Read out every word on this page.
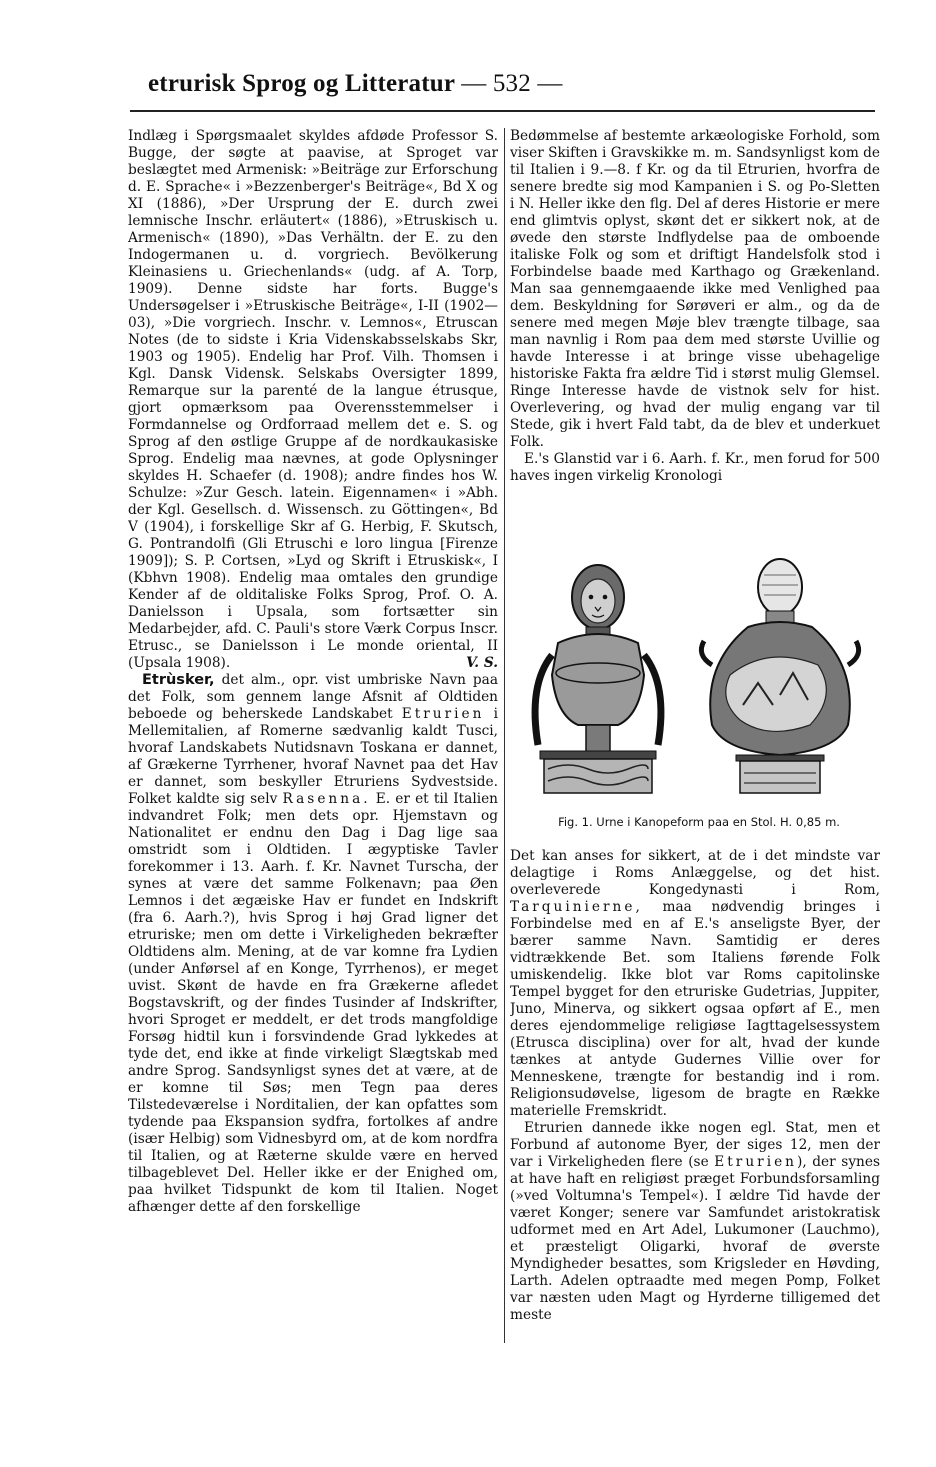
etrurisk Sprog og Litteratur — 532 —

Indlæg i Spørgsmaalet skyldes afdøde Professor S. Bugge, der søgte at paavise, at Sproget var beslægtet med Armenisk: »Beiträge zur Erforschung d. E. Sprache« i »Bezzenberger's Beiträge«, Bd X og XI (1886), »Der Ursprung der E. durch zwei lemnische Inschr. erläutert« (1886), »Etruskisch u. Armenisch« (1890), »Das Verhältn. der E. zu den Indogermanen u. d. vorgriech. Bevölkerung Kleinasiens u. Griechenlands« (udg. af A. Torp, 1909). Denne sidste har forts. Bugge's Undersøgelser i »Etruskische Beiträge«, I-II (1902—03), »Die vorgriech. Inschr. v. Lemnos«, Etruscan Notes (de to sidste i Kria Videnskabsselskabs Skr, 1903 og 1905). Endelig har Prof. Vilh. Thomsen i Kgl. Dansk Vidensk. Selskabs Oversigter 1899, Remarque sur la parenté de la langue étrusque, gjort opmærksom paa Overensstemmelser i Formdannelse og Ordforraad mellem det e. S. og Sprog af den østlige Gruppe af de nordkaukasiske Sprog. Endelig maa nævnes, at gode Oplysninger skyldes H. Schaefer (d. 1908); andre findes hos W. Schulze: »Zur Gesch. latein. Eigennamen« i »Abh. der Kgl. Gesellsch. d. Wissensch. zu Göttingen«, Bd V (1904), i forskellige Skr af G. Herbig, F. Skutsch, G. Pontrandolfi (Gli Etruschi e loro lingua [Firenze 1909]); S. P. Cortsen, »Lyd og Skrift i Etruskisk«, I (Kbhvn 1908). Endelig maa omtales den grundige Kender af de olditaliske Folks Sprog, Prof. O. A. Danielsson i Upsala, som fortsætter sin Medarbejder, afd. C. Pauli's store Værk Corpus Inscr. Etrusc., se Danielsson i Le monde oriental, II (Upsala 1908).	V. S.

Etrùsker, det alm., opr. vist umbriske Navn paa det Folk, som gennem lange Afsnit af Oldtiden beboede og beherskede Landskabet Etrurien i Mellemitalien, af Romerne sædvanlig kaldt Tusci, hvoraf Landskabets Nutidsnavn Toskana er dannet, af Grækerne Tyrrhener, hvoraf Navnet paa det Hav er dannet, som beskyller Etruriens Sydvestside. Folket kaldte sig selv Rasenna. E. er et til Italien indvandret Folk; men dets opr. Hjemstavn og Nationalitet er endnu den Dag i Dag lige saa omstridt som i Oldtiden. I ægyptiske Tavler forekommer i 13. Aarh. f. Kr. Navnet Turscha, der synes at være det samme Folkenavn; paa Øen Lemnos i det ægæiske Hav er fundet en Indskrift (fra 6. Aarh.?), hvis Sprog i høj Grad ligner det etruriske; men om dette i Virkeligheden bekræfter Oldtidens alm. Mening, at de var komne fra Lydien (under Anførsel af en Konge, Tyrrhenos), er meget uvist. Skønt de havde en fra Grækerne afledet Bogstavskrift, og der findes Tusinder af Indskrifter, hvori Sproget er meddelt, er det trods mangfoldige Forsøg hidtil kun i forsvindende Grad lykkedes at tyde det, end ikke at finde virkeligt Slægtskab med andre Sprog. Sandsynligst synes det at være, at de er komne til Søs; men Tegn paa deres Tilstedeværelse i Norditalien, der kan opfattes som tydende paa Ekspansion sydfra, fortolkes af andre (især Helbig) som Vidnesbyrd om, at de kom nordfra til Italien, og at Ræterne skulde være en herved tilbageblevet Del. Heller ikke er der Enighed om, paa hvilket Tidspunkt de kom til Italien. Noget afhænger dette af den forskellige

Bedømmelse af bestemte arkæologiske Forhold, som viser Skiften i Gravskikke m. m. Sandsynligst kom de til Italien i 9.—8. f Kr. og da til Etrurien, hvorfra de senere bredte sig mod Kampanien i S. og Po-Sletten i N. Heller ikke den flg. Del af deres Historie er mere end glimtvis oplyst, skønt det er sikkert nok, at de øvede den største Indflydelse paa de omboende italiske Folk og som et driftigt Handelsfolk stod i Forbindelse baade med Karthago og Grækenland. Man saa gennemgaaende ikke med Venlighed paa dem. Beskyldning for Sørøveri er alm., og da de senere med megen Møje blev trængte tilbage, saa man navnlig i Rom paa dem med største Uvillie og havde Interesse i at bringe visse ubehagelige historiske Fakta fra ældre Tid i størst mulig Glemsel. Ringe Interesse havde de vistnok selv for hist. Overlevering, og hvad der mulig engang var til Stede, gik i hvert Fald tabt, da de blev et underkuet Folk.

E.'s Glanstid var i 6. Aarh. f. Kr., men forud for 500 haves ingen virkelig Kronologi

Fig. 1. Urne i Kanopeform paa en Stol. H. 0,85 m.

Det kan anses for sikkert, at de i det mindste var delagtige i Roms Anlæggelse, og det hist. overleverede Kongedynasti i Rom, Tarquinierne, maa nødvendig bringes i Forbindelse med en af E.'s anseligste Byer, der bærer samme Navn. Samtidig er deres vidtrækkende Bet. som Italiens førende Folk umiskendelig. Ikke blot var Roms capitolinske Tempel bygget for den etruriske Gudetrias, Juppiter, Juno, Minerva, og sikkert ogsaa opført af E., men deres ejendommelige religiøse Iagttagelsessystem (Etrusca disciplina) over for alt, hvad der kunde tænkes at antyde Gudernes Villie over for Menneskene, trængte for bestandig ind i rom. Religionsudøvelse, ligesom de bragte en Række materielle Fremskridt.

Etrurien dannede ikke nogen egl. Stat, men et Forbund af autonome Byer, der siges 12, men der var i Virkeligheden flere (se Etrurien), der synes at have haft en religiøst præget Forbundsforsamling (»ved Voltumna's Tempel«). I ældre Tid havde der været Konger; senere var Samfundet aristokratisk udformet med en Art Adel, Lukumoner (Lauchmo), et præsteligt Oligarki, hvoraf de øverste Myndigheder besattes, som Krigsleder en Høvding, Larth. Adelen optraadte med megen Pomp, Folket var næsten uden Magt og Hyrderne tilligemed det meste
